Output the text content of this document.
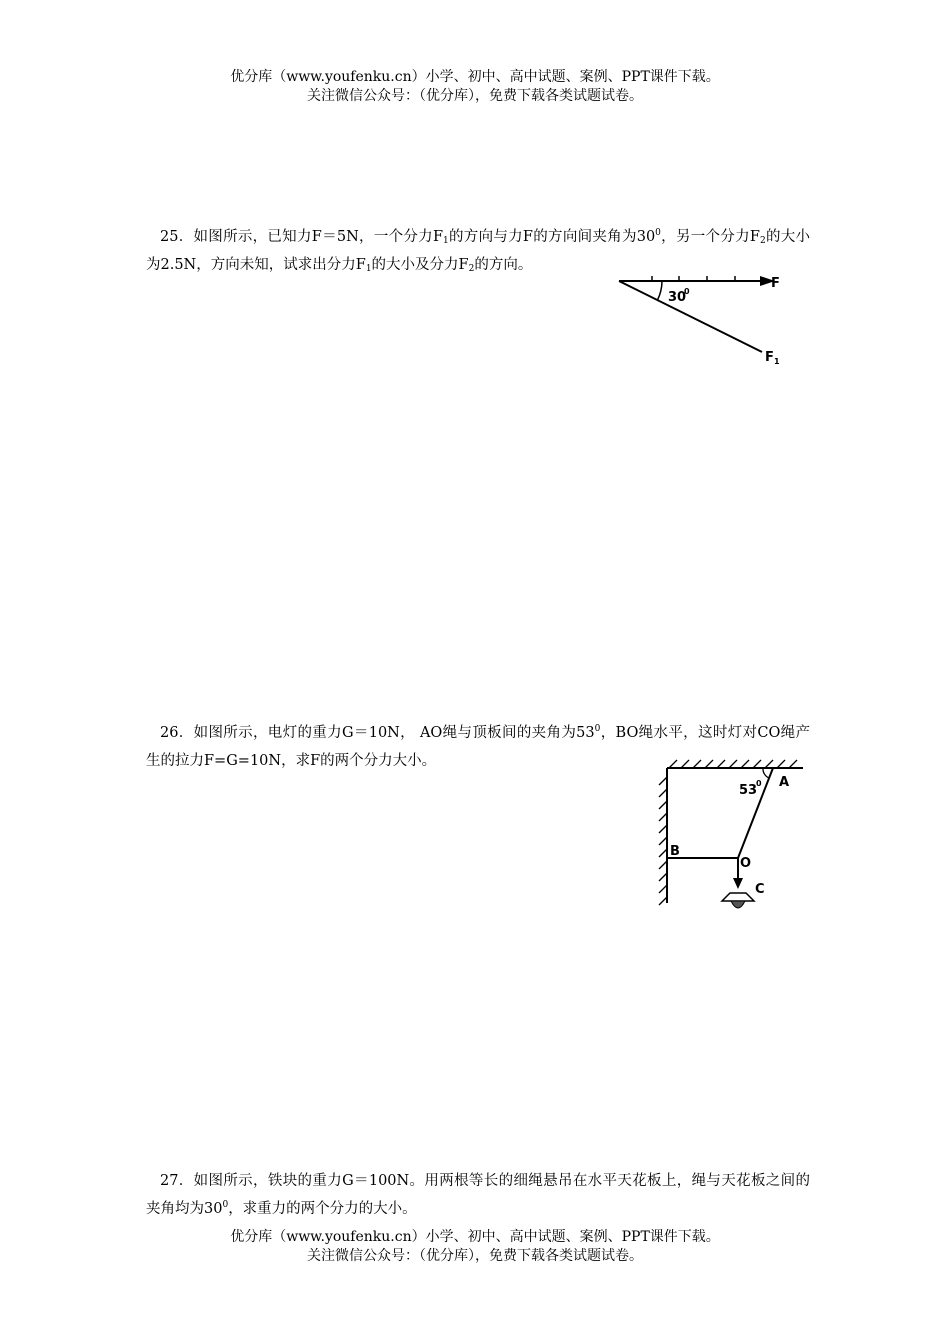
优分库（www.youfenku.cn）小学、初中、高中试题、案例、PPT课件下载。
关注微信公众号：（优分库），免费下载各类试题试卷。
25．如图所示，已知力F＝5N，一个分力$F_1$的方向与力F的方向间夹角为$30^0$，另一个分力$F_2$的大小为2.5N，方向未知，试求出分力$F_1$的大小及分力$F_2$的方向。
30
0
F
F 1
26．如图所示，电灯的重力G＝10N， AO绳与顶板间的夹角为$53^0$，BO绳水平，这时灯对CO绳产生的拉力F=G=10N，求F的两个分力大小。
A
53
0
B
O
C
27．如图所示，铁块的重力G＝100N。用两根等长的细绳悬吊在水平天花板上，绳与天花板之间的夹角均为$30^0$，求重力的两个分力的大小。
优分库（www.youfenku.cn）小学、初中、高中试题、案例、PPT课件下载。
关注微信公众号：（优分库），免费下载各类试题试卷。
